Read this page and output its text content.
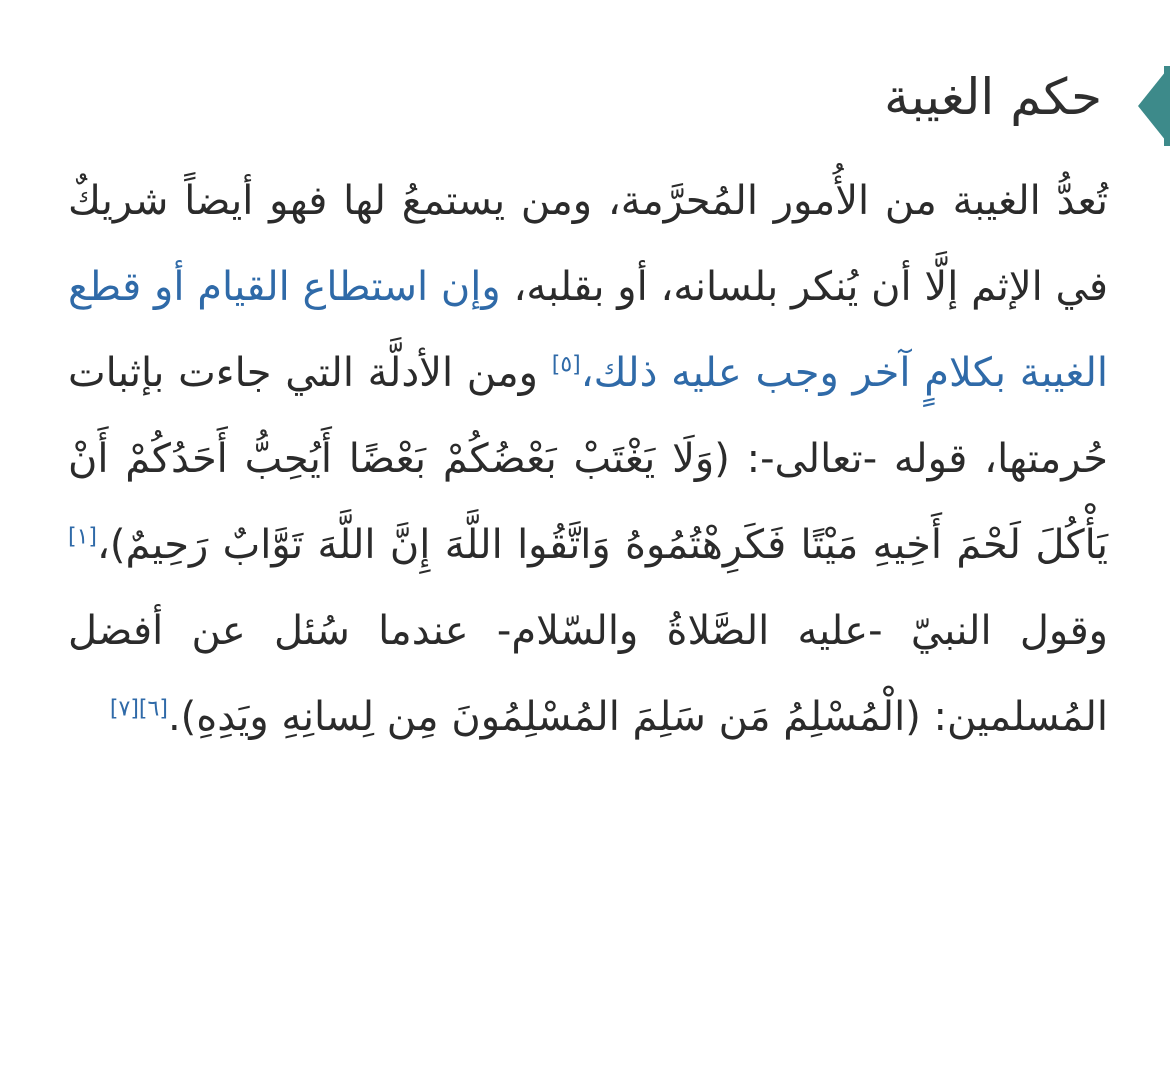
حكم الغيبة

تُعدُّ الغيبة من الأُمور المُحرَّمة، ومن يستمعُ لها فهو أيضاً شريكٌ في الإثم إلَّا أن يُنكر بلسانه، أو بقلبه، وإن استطاع القيام أو قطع الغيبة بكلامٍ آخر وجب عليه ذلك،[٥] ومن الأدلَّة التي جاءت بإثبات حُرمتها، قوله -تعالى-: (وَلَا يَغْتَبْ بَعْضُكُمْ بَعْضًا أَيُحِبُّ أَحَدُكُمْ أَنْ يَأْكُلَ لَحْمَ أَخِيهِ مَيْتًا فَكَرِهْتُمُوهُ وَاتَّقُوا اللَّهَ إِنَّ اللَّهَ تَوَّابٌ رَحِيمٌ)،[١] وقول النبيّ -عليه الصَّلاةُ والسّلام- عندما سُئل عن أفضل المُسلمين: (الْمُسْلِمُ مَن سَلِمَ المُسْلِمُونَ مِن لِسانِهِ ويَدِهِ).[٦][٧]
